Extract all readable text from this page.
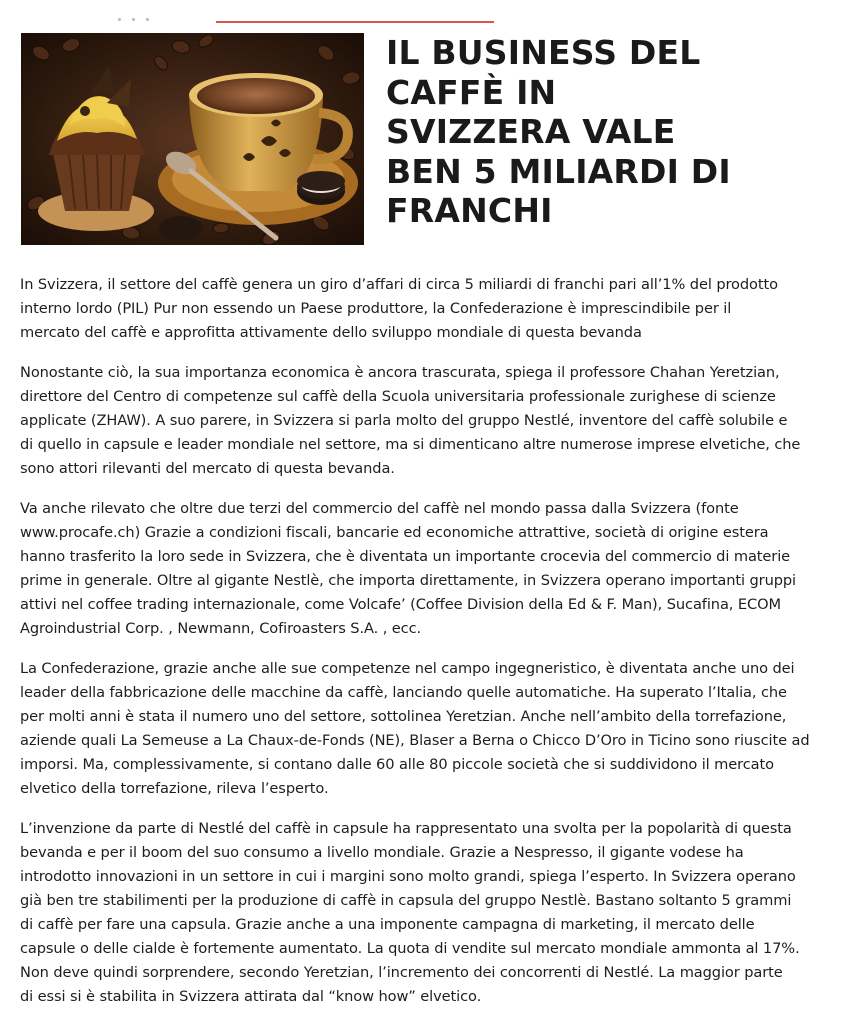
IL BUSINESS DEL
CAFFÈ IN
SVIZZERA VALE
BEN 5 MILIARDI DI
FRANCHI

In Svizzera, il settore del caffè genera un giro d’affari di circa 5 miliardi di franchi pari all’1% del prodotto
interno lordo (PIL) Pur non essendo un Paese produttore, la Confederazione è imprescindibile per il
mercato del caffè e approfitta attivamente dello sviluppo mondiale di questa bevanda

Nonostante ciò, la sua importanza economica è ancora trascurata, spiega il professore Chahan Yeretzian,
direttore del Centro di competenze sul caffè della Scuola universitaria professionale zurighese di scienze
applicate (ZHAW). A suo parere, in Svizzera si parla molto del gruppo Nestlé, inventore del caffè solubile e
di quello in capsule e leader mondiale nel settore, ma si dimenticano altre numerose imprese elvetiche, che
sono attori rilevanti del mercato di questa bevanda.

Va anche rilevato che oltre due terzi del commercio del caffè nel mondo passa dalla Svizzera (fonte
www.procafe.ch) Grazie a condizioni fiscali, bancarie ed economiche attrattive, società di origine estera
hanno trasferito la loro sede in Svizzera, che è diventata un importante crocevia del commercio di materie
prime in generale. Oltre al gigante Nestlè, che importa direttamente, in Svizzera operano importanti gruppi
attivi nel coffee trading internazionale, come Volcafe’ (Coffee Division della Ed & F. Man), Sucafina, ECOM
Agroindustrial Corp. , Newmann, Cofiroasters S.A. , ecc.

La Confederazione, grazie anche alle sue competenze nel campo ingegneristico, è diventata anche uno dei
leader della fabbricazione delle macchine da caffè, lanciando quelle automatiche. Ha superato l’Italia, che
per molti anni è stata il numero uno del settore, sottolinea Yeretzian. Anche nell’ambito della torrefazione,
aziende quali La Semeuse a La Chaux-de-Fonds (NE), Blaser a Berna o Chicco D’Oro in Ticino sono riuscite ad
imporsi. Ma, complessivamente, si contano dalle 60 alle 80 piccole società che si suddividono il mercato
elvetico della torrefazione, rileva l’esperto.

L’invenzione da parte di Nestlé del caffè in capsule ha rappresentato una svolta per la popolarità di questa
bevanda e per il boom del suo consumo a livello mondiale. Grazie a Nespresso, il gigante vodese ha
introdotto innovazioni in un settore in cui i margini sono molto grandi, spiega l’esperto. In Svizzera operano
già ben tre stabilimenti per la produzione di caffè in capsula del gruppo Nestlè. Bastano soltanto 5 grammi
di caffè per fare una capsula. Grazie anche a una imponente campagna di marketing, il mercato delle
capsule o delle cialde è fortemente aumentato. La quota di vendite sul mercato mondiale ammonta al 17%.
Non deve quindi sorprendere, secondo Yeretzian, l’incremento dei concorrenti di Nestlé. La maggior parte
di essi si è stabilita in Svizzera attirata dal “know how” elvetico.
